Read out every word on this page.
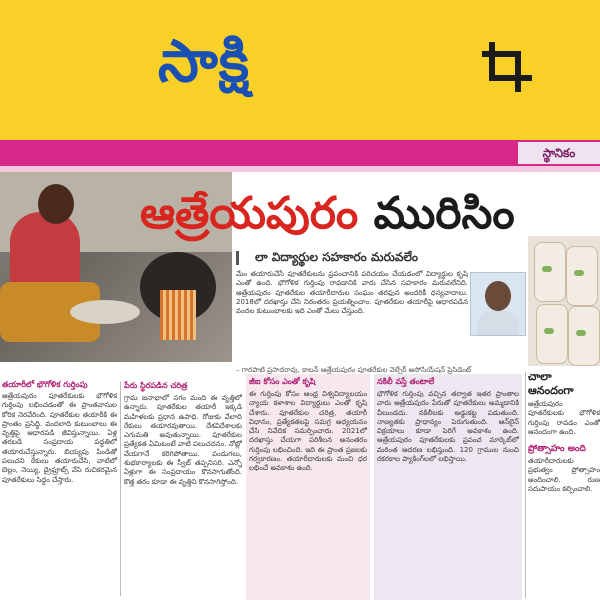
సాక్షి
స్థానికం
ఆత్రేయపురం మురిసిం
లా విద్యార్థుల సహకారం మరువలేం

మేం తయారుచేసే పూతరేకులను ప్రపంచానికి పరిచయం చేయడంలో విద్యార్థుల కృషి ఎంతో ఉంది. భౌగోళిక గుర్తింపు రావడానికి వారు చేసిన సహకారం మరువలేనిది. ఆత్రేయపురం పూతరేకుల తయారీదారుల సంఘం తరఫున అందరికీ ధన్యవాదాలు. 2018లో దరఖాస్తు చేసి నిరంతరం ప్రయత్నించాం. పూతరేకుల తయారీపై ఆధారపడిన వందల కుటుంబాలకు ఇది ఎంతో మేలు చేస్తుంది.

– గారపాటి ప్రసాదరావు, కాటన్ ఆత్రేయపురం పూతరేకుల వెల్ఫేర్ అసోసియేషన్ ప్రెసిడెంట్
తయారీలో భౌగోళిక గుర్తింపు

ఆత్రేయపురం పూతరేకులకు భౌగోళిక గుర్తింపు లభించడంతో ఈ ప్రాంతవాసుల కోరిక నెరవేరింది. పూతరేకుల తయారీకి ఈ ప్రాంతం ప్రసిద్ధి. వందలాది కుటుంబాలు ఈ వృత్తిపై ఆధారపడి జీవిస్తున్నాయి. ఏళ్ల తరబడి సంప్రదాయ పద్ధతిలో తయారుచేస్తున్నారు. బియ్యపు పిండితో పలుచని రేకులు తయారుచేసి, వాటిలో బెల్లం, నెయ్యి, డ్రైఫ్రూట్స్ వేసి రుచికరమైన పూతరేకులు సిద్ధం చేస్తారు.

పేరు స్థిరపడిన చరిత్ర

గ్రామ జనాభాలో సగం మంది ఈ వృత్తిలో ఉన్నారు. పూతరేకుల తయారీ ఇక్కడి మహిళలకు ప్రధాన ఉపాధి. రోజుకు వేలాది రేకులు తయారవుతాయి. దేశవిదేశాలకు ఎగుమతి అవుతున్నాయి. పూతరేకుల ప్రత్యేకత ఏమిటంటే వాటి పలుచదనం. నోట్లో వేయగానే కరిగిపోతాయి. పండుగలు, శుభకార్యాలకు ఈ స్వీట్ తప్పనిసరి. ఎన్నో ఏళ్లుగా ఈ సంప్రదాయం కొనసాగుతోంది. కొత్త తరం కూడా ఈ వృత్తిని కొనసాగిస్తోంది.

జీఐ కోసం ఎంతో కృషి

ఈ గుర్తింపు కోసం ఆంధ్ర విశ్వవిద్యాలయం న్యాయ కళాశాల విద్యార్థులు ఎంతో కృషి చేశారు. పూతరేకుల చరిత్ర, తయారీ విధానం, ప్రత్యేకతలపై సమగ్ర అధ్యయనం చేసి నివేదిక సమర్పించారు. 2021లో దరఖాస్తు చేయగా పరిశీలన అనంతరం గుర్తింపు లభించింది. ఇది ఈ ప్రాంత ప్రజలకు గర్వకారణం. తయారీదారులకు మంచి ధర లభించే అవకాశం ఉంది.

నకిలీ వస్తే తంటాలే

భౌగోళిక గుర్తింపు వచ్చిన తర్వాత ఇతర ప్రాంతాల వారు ఆత్రేయపురం పేరుతో పూతరేకులు అమ్మడానికి వీలుండదు. నకిలీలకు అడ్డుకట్ట పడుతుంది. నాణ్యతకు ప్రాధాన్యం పెరుగుతుంది. ఆన్‌లైన్ విక్రయాలు కూడా పెరిగే అవకాశం ఉంది. ఆత్రేయపురం పూతరేకులకు ప్రపంచ మార్కెట్‌లో మరింత ఆదరణ లభిస్తుంది. 120 గ్రాముల నుంచి రకరకాల ప్యాకింగ్‌లలో లభిస్తాయి.

చాలా ఆనందంగా

ఆత్రేయపురం పూతరేకులకు భౌగోళిక గుర్తింపు రావడం ఎంతో ఆనందంగా ఉంది.

ప్రోత్సాహం అంది

తయారీదారులకు ప్రభుత్వం ప్రోత్సాహం అందించాలి. రుణ సదుపాయం కల్పించాలి.
